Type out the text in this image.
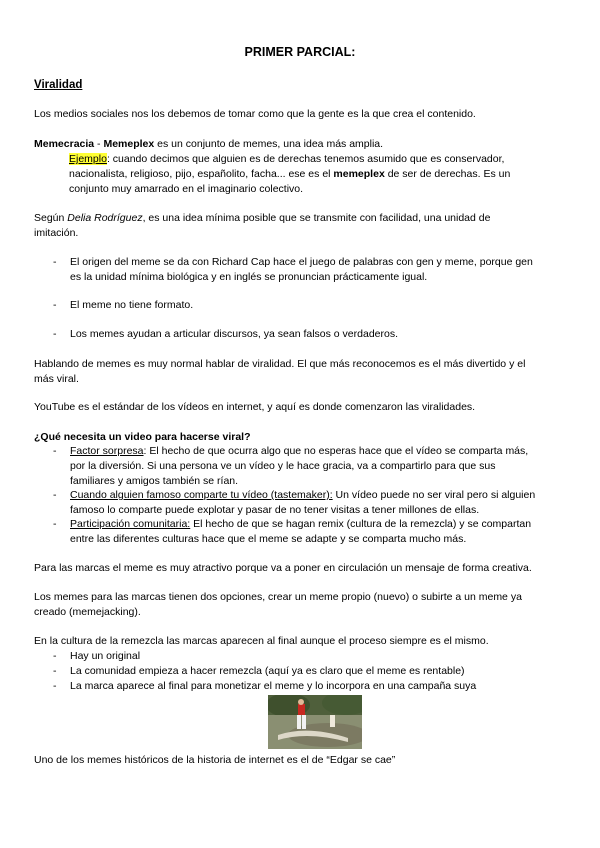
PRIMER PARCIAL:
Viralidad
Los medios sociales nos los debemos de tomar como que la gente es la que crea el contenido.
Memecracia - Memeplex es un conjunto de memes, una idea más amplia.
Ejemplo: cuando decimos que alguien es de derechas tenemos asumido que es conservador,
nacionalista, religioso, pijo, españolito, facha... ese es el memeplex de ser de derechas. Es un
conjunto muy amarrado en el imaginario colectivo.
Según Delia Rodríguez, es una idea mínima posible que se transmite con facilidad, una unidad de
imitación.
- El origen del meme se da con Richard Cap hace el juego de palabras con gen y meme, porque gen
es la unidad mínima biológica y en inglés se pronuncian prácticamente igual.
- El meme no tiene formato.
- Los memes ayudan a articular discursos, ya sean falsos o verdaderos.
Hablando de memes es muy normal hablar de viralidad. El que más reconocemos es el más divertido y el
más viral.
YouTube es el estándar de los vídeos en internet, y aquí es donde comenzaron las viralidades.
¿Qué necesita un video para hacerse viral?
- Factor sorpresa: El hecho de que ocurra algo que no esperas hace que el vídeo se comparta más,
por la diversión. Si una persona ve un vídeo y le hace gracia, va a compartirlo para que sus
familiares y amigos también se rían.
- Cuando alguien famoso comparte tu vídeo (tastemaker): Un vídeo puede no ser viral pero si alguien
famoso lo comparte puede explotar y pasar de no tener visitas a tener millones de ellas.
- Participación comunitaria: El hecho de que se hagan remix (cultura de la remezcla) y se compartan
entre las diferentes culturas hace que el meme se adapte y se comparta mucho más.
Para las marcas el meme es muy atractivo porque va a poner en circulación un mensaje de forma creativa.
Los memes para las marcas tienen dos opciones, crear un meme propio (nuevo) o subirte a un meme ya
creado (memejacking).
En la cultura de la remezcla las marcas aparecen al final aunque el proceso siempre es el mismo.
- Hay un original
- La comunidad empieza a hacer remezcla (aquí ya es claro que el meme es rentable)
- La marca aparece al final para monetizar el meme y lo incorpora en una campaña suya
Uno de los memes históricos de la historia de internet es el de “Edgar se cae”
